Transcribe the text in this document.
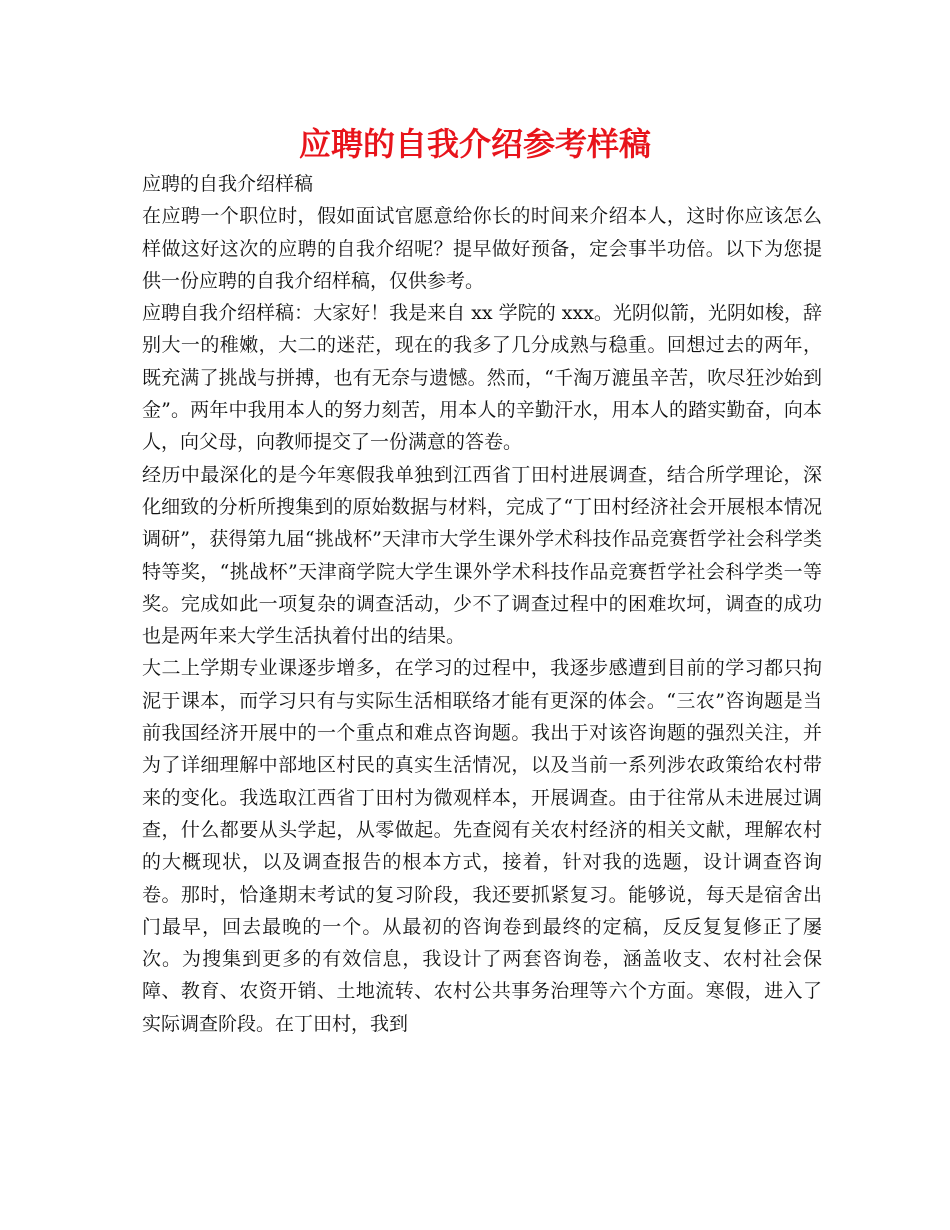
应聘的自我介绍参考样稿

应聘的自我介绍样稿

在应聘一个职位时，假如面试官愿意给你长的时间来介绍本人，这时你应该怎么样做这好这次的应聘的自我介绍呢？提早做好预备，定会事半功倍。以下为您提供一份应聘的自我介绍样稿，仅供参考。

应聘自我介绍样稿：大家好！我是来自 xx 学院的 xxx。光阴似箭，光阴如梭，辞别大一的稚嫩，大二的迷茫，现在的我多了几分成熟与稳重。回想过去的两年，既充满了挑战与拼搏，也有无奈与遗憾。然而，“千淘万漉虽辛苦，吹尽狂沙始到金”。两年中我用本人的努力刻苦，用本人的辛勤汗水，用本人的踏实勤奋，向本人，向父母，向教师提交了一份满意的答卷。

经历中最深化的是今年寒假我单独到江西省丁田村进展调查，结合所学理论，深化细致的分析所搜集到的原始数据与材料，完成了“丁田村经济社会开展根本情况调研”，获得第九届“挑战杯”天津市大学生课外学术科技作品竞赛哲学社会科学类特等奖，“挑战杯”天津商学院大学生课外学术科技作品竞赛哲学社会科学类一等奖。完成如此一项复杂的调查活动，少不了调查过程中的困难坎坷，调查的成功也是两年来大学生活执着付出的结果。

大二上学期专业课逐步增多，在学习的过程中，我逐步感遭到目前的学习都只拘泥于课本，而学习只有与实际生活相联络才能有更深的体会。“三农”咨询题是当前我国经济开展中的一个重点和难点咨询题。我出于对该咨询题的强烈关注，并为了详细理解中部地区村民的真实生活情况，以及当前一系列涉农政策给农村带来的变化。我选取江西省丁田村为微观样本，开展调查。由于往常从未进展过调查，什么都要从头学起，从零做起。先查阅有关农村经济的相关文献，理解农村的大概现状，以及调查报告的根本方式，接着，针对我的选题，设计调查咨询卷。那时，恰逢期末考试的复习阶段，我还要抓紧复习。能够说，每天是宿舍出门最早，回去最晚的一个。从最初的咨询卷到最终的定稿，反反复复修正了屡次。为搜集到更多的有效信息，我设计了两套咨询卷，涵盖收支、农村社会保障、教育、农资开销、土地流转、农村公共事务治理等六个方面。寒假，进入了实际调查阶段。在丁田村，我到
